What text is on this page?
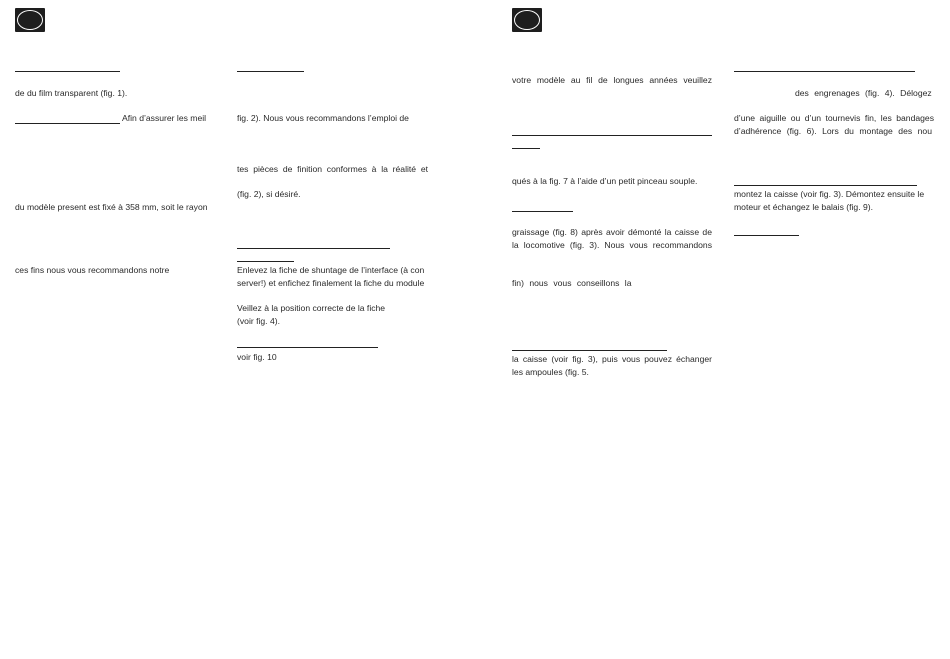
de du film transparent (fig. 1).
Afin d’assurer les meil
du modèle present est fixé à 358 mm, soit le rayon
ces fins nous vous recommandons notre
fig. 2). Nous vous recommandons l’emploi de
tes pièces de finition conformes à la réalité et
(fig. 2), si désiré.
Enlevez la fiche de shuntage de l’interface (à con
server!) et enfichez finalement la fiche du module
Veillez à la position correcte de la fiche
(voir fig. 4).
voir fig. 10
votre modèle au fil de longues années veuillez
qués à la fig. 7 à l’aide d’un petit pinceau souple.
graissage (fig. 8) après avoir démonté la caisse de
la locomotive (fig. 3). Nous vous recommandons
fin) nous vous conseillons la
la caisse (voir fig. 3), puis vous pouvez échanger
les ampoules (fig. 5.
des engrenages (fig. 4). Délogez
d’une aiguille ou d’un tournevis fin, les bandages
d’adhérence (fig. 6). Lors du montage des nou
montez la caisse (voir fig. 3). Démontez ensuite le
moteur et échangez le balais (fig. 9).
